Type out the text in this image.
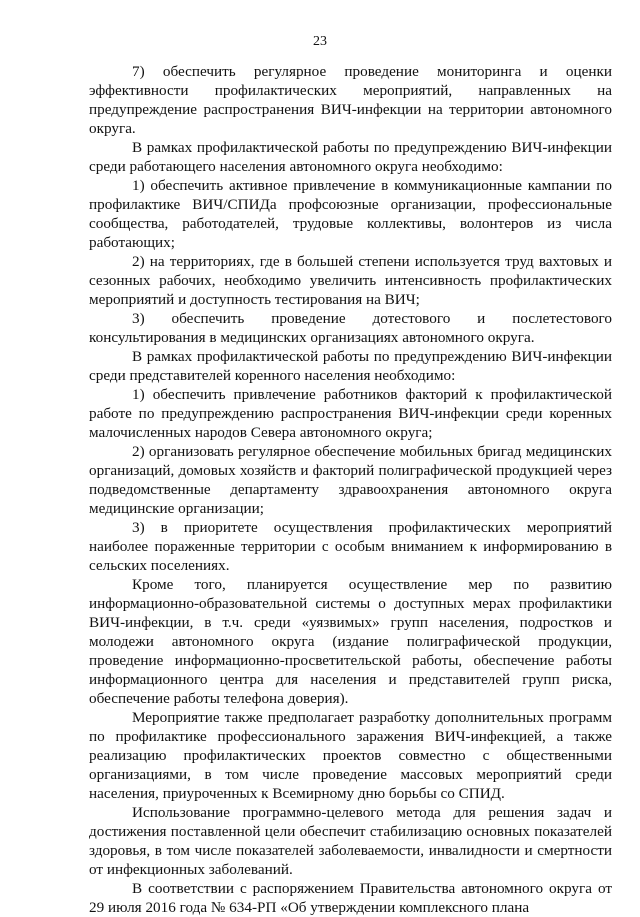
23

7) обеспечить регулярное проведение мониторинга и оценки эффективности профилактических мероприятий, направленных на предупреждение распространения ВИЧ-инфекции на территории автономного округа.

В рамках профилактической работы по предупреждению ВИЧ-инфекции среди работающего населения автономного округа необходимо:

1) обеспечить активное привлечение в коммуникационные кампании по профилактике ВИЧ/СПИДа профсоюзные организации, профессиональные сообщества, работодателей, трудовые коллективы, волонтеров из числа работающих;

2) на территориях, где в большей степени используется труд вахтовых и сезонных рабочих, необходимо увеличить интенсивность профилактических мероприятий и доступность тестирования на ВИЧ;

3) обеспечить проведение дотестового и послетестового консультирования в медицинских организациях автономного округа.

В рамках профилактической работы по предупреждению ВИЧ-инфекции среди представителей коренного населения необходимо:

1) обеспечить привлечение работников факторий к профилактической работе по предупреждению распространения ВИЧ-инфекции среди коренных малочисленных народов Севера автономного округа;

2) организовать регулярное обеспечение мобильных бригад медицинских организаций, домовых хозяйств и факторий полиграфической продукцией через подведомственные департаменту здравоохранения автономного округа медицинские организации;

3) в приоритете осуществления профилактических мероприятий наиболее пораженные территории с особым вниманием к информированию в сельских поселениях.

Кроме того, планируется осуществление мер по развитию информационно-образовательной системы о доступных мерах профилактики ВИЧ-инфекции, в т.ч. среди «уязвимых» групп населения, подростков и молодежи автономного округа (издание полиграфической продукции, проведение информационно-просветительской работы, обеспечение работы информационного центра для населения и представителей групп риска, обеспечение работы телефона доверия).

Мероприятие также предполагает разработку дополнительных программ по профилактике профессионального заражения ВИЧ-инфекцией, а также реализацию профилактических проектов совместно с общественными организациями, в том числе проведение массовых мероприятий среди населения, приуроченных к Всемирному дню борьбы со СПИД.

Использование программно-целевого метода для решения задач и достижения поставленной цели обеспечит стабилизацию основных показателей здоровья, в том числе показателей заболеваемости, инвалидности и смертности от инфекционных заболеваний.

В соответствии с распоряжением Правительства автономного округа от 29 июля 2016 года № 634-РП «Об утверждении комплексного плана
